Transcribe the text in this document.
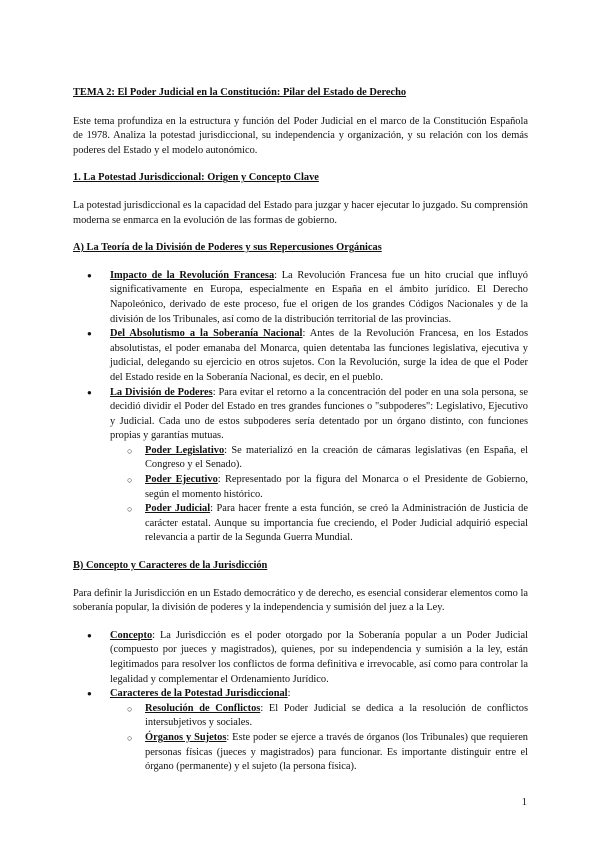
TEMA 2: El Poder Judicial en la Constitución: Pilar del Estado de Derecho

Este tema profundiza en la estructura y función del Poder Judicial en el marco de la Constitución Española de 1978. Analiza la potestad jurisdiccional, su independencia y organización, y su relación con los demás poderes del Estado y el modelo autonómico.

1. La Potestad Jurisdiccional: Origen y Concepto Clave

La potestad jurisdiccional es la capacidad del Estado para juzgar y hacer ejecutar lo juzgado. Su comprensión moderna se enmarca en la evolución de las formas de gobierno.

A) La Teoría de la División de Poderes y sus Repercusiones Orgánicas

● Impacto de la Revolución Francesa: La Revolución Francesa fue un hito crucial que influyó significativamente en Europa, especialmente en España en el ámbito jurídico. El Derecho Napoleónico, derivado de este proceso, fue el origen de los grandes Códigos Nacionales y de la división de los Tribunales, así como de la distribución territorial de las provincias.
● Del Absolutismo a la Soberanía Nacional: Antes de la Revolución Francesa, en los Estados absolutistas, el poder emanaba del Monarca, quien detentaba las funciones legislativa, ejecutiva y judicial, delegando su ejercicio en otros sujetos. Con la Revolución, surge la idea de que el Poder del Estado reside en la Soberanía Nacional, es decir, en el pueblo.
● La División de Poderes: Para evitar el retorno a la concentración del poder en una sola persona, se decidió dividir el Poder del Estado en tres grandes funciones o "subpoderes": Legislativo, Ejecutivo y Judicial. Cada uno de estos subpoderes sería detentado por un órgano distinto, con funciones propias y garantías mutuas.
○ Poder Legislativo: Se materializó en la creación de cámaras legislativas (en España, el Congreso y el Senado).
○ Poder Ejecutivo: Representado por la figura del Monarca o el Presidente de Gobierno, según el momento histórico.
○ Poder Judicial: Para hacer frente a esta función, se creó la Administración de Justicia de carácter estatal. Aunque su importancia fue creciendo, el Poder Judicial adquirió especial relevancia a partir de la Segunda Guerra Mundial.

B) Concepto y Caracteres de la Jurisdicción

Para definir la Jurisdicción en un Estado democrático y de derecho, es esencial considerar elementos como la soberanía popular, la división de poderes y la independencia y sumisión del juez a la Ley.

● Concepto: La Jurisdicción es el poder otorgado por la Soberanía popular a un Poder Judicial (compuesto por jueces y magistrados), quienes, por su independencia y sumisión a la ley, están legitimados para resolver los conflictos de forma definitiva e irrevocable, así como para controlar la legalidad y complementar el Ordenamiento Jurídico.
● Caracteres de la Potestad Jurisdiccional:
○ Resolución de Conflictos: El Poder Judicial se dedica a la resolución de conflictos intersubjetivos y sociales.
○ Órganos y Sujetos: Este poder se ejerce a través de órganos (los Tribunales) que requieren personas físicas (jueces y magistrados) para funcionar. Es importante distinguir entre el órgano (permanente) y el sujeto (la persona física).
1
